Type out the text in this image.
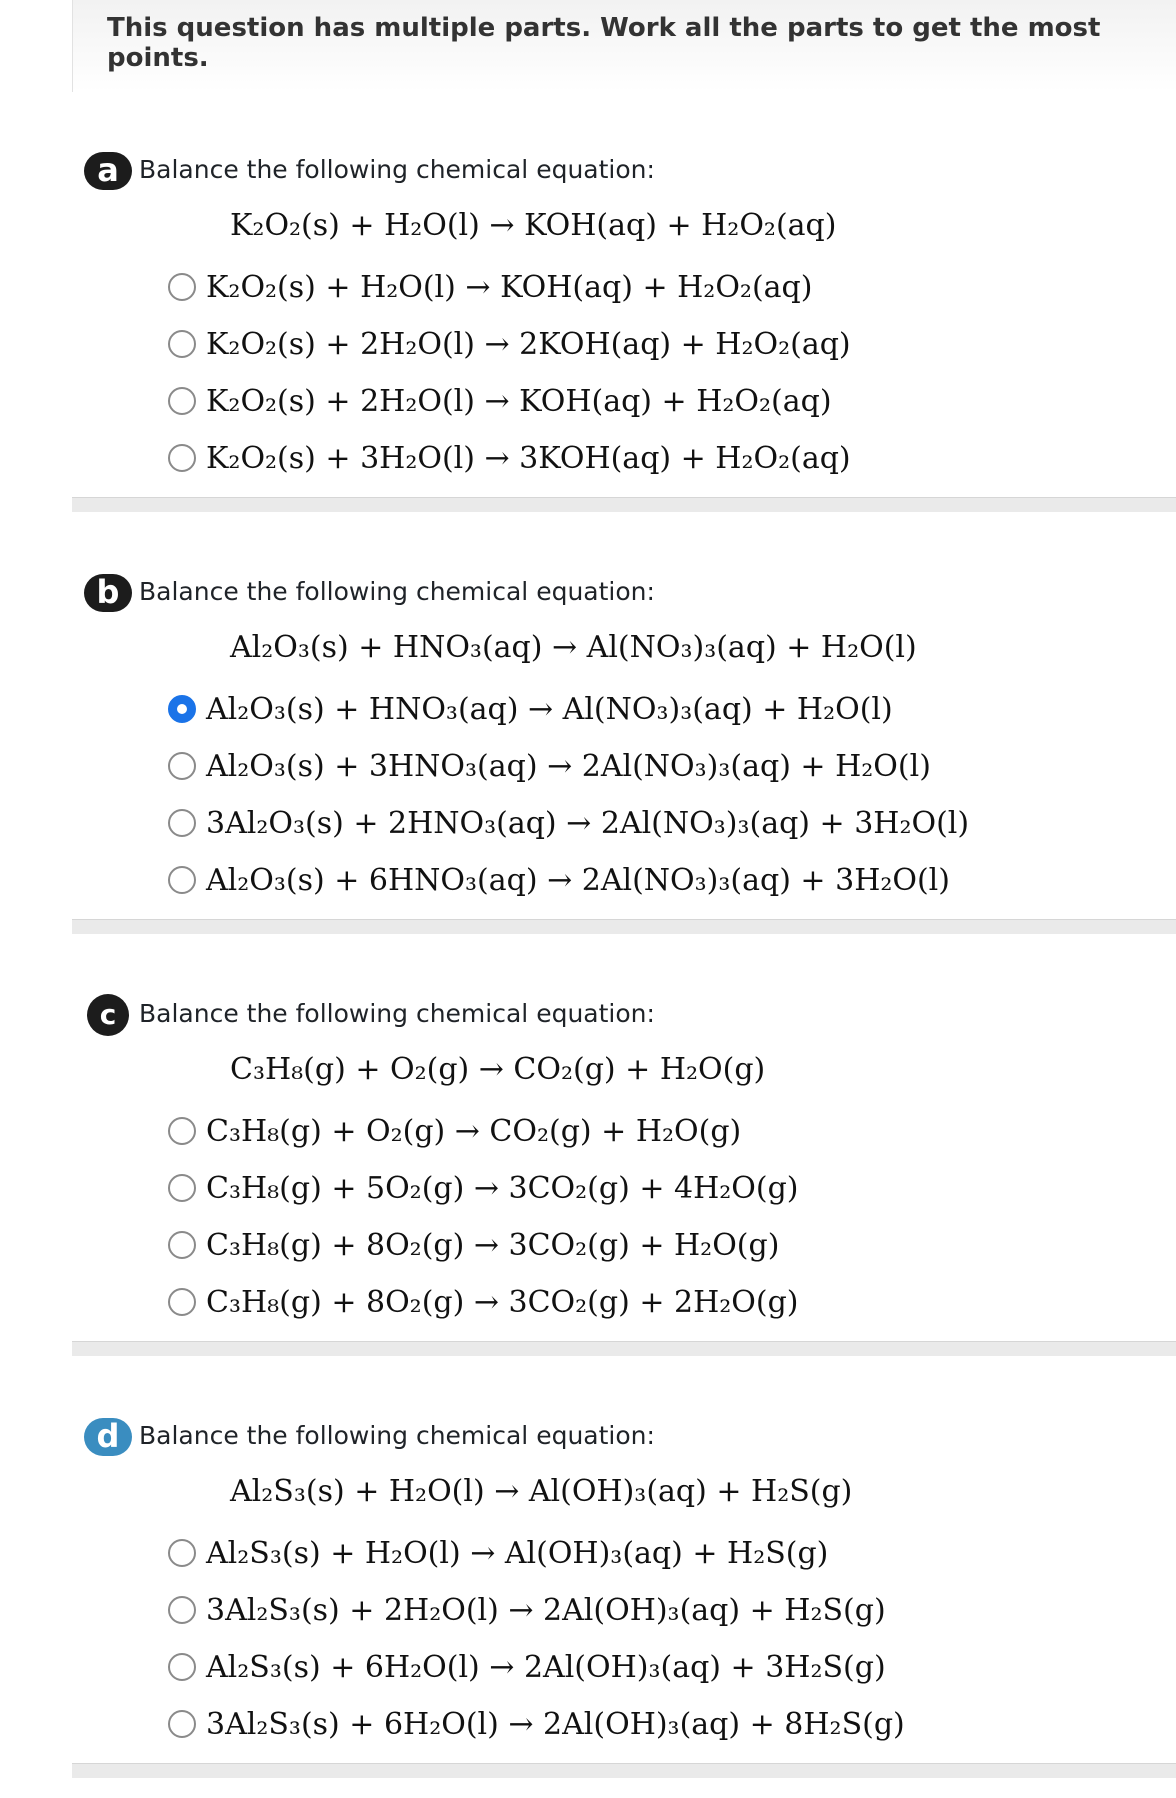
This question has multiple parts. Work all the parts to get the most points.
a Balance the following chemical equation:
K₂O₂(s) + H₂O(l) → KOH(aq) + H₂O₂(aq)
K₂O₂(s) + H₂O(l) → KOH(aq) + H₂O₂(aq)
K₂O₂(s) + 2H₂O(l) → 2KOH(aq) + H₂O₂(aq)
K₂O₂(s) + 2H₂O(l) → KOH(aq) + H₂O₂(aq)
K₂O₂(s) + 3H₂O(l) → 3KOH(aq) + H₂O₂(aq)
b Balance the following chemical equation:
Al₂O₃(s) + HNO₃(aq) → Al(NO₃)₃(aq) + H₂O(l)
Al₂O₃(s) + HNO₃(aq) → Al(NO₃)₃(aq) + H₂O(l)
Al₂O₃(s) + 3HNO₃(aq) → 2Al(NO₃)₃(aq) + H₂O(l)
3Al₂O₃(s) + 2HNO₃(aq) → 2Al(NO₃)₃(aq) + 3H₂O(l)
Al₂O₃(s) + 6HNO₃(aq) → 2Al(NO₃)₃(aq) + 3H₂O(l)
c Balance the following chemical equation:
C₃H₈(g) + O₂(g) → CO₂(g) + H₂O(g)
C₃H₈(g) + O₂(g) → CO₂(g) + H₂O(g)
C₃H₈(g) + 5O₂(g) → 3CO₂(g) + 4H₂O(g)
C₃H₈(g) + 8O₂(g) → 3CO₂(g) + H₂O(g)
C₃H₈(g) + 8O₂(g) → 3CO₂(g) + 2H₂O(g)
d Balance the following chemical equation:
Al₂S₃(s) + H₂O(l) → Al(OH)₃(aq) + H₂S(g)
Al₂S₃(s) + H₂O(l) → Al(OH)₃(aq) + H₂S(g)
3Al₂S₃(s) + 2H₂O(l) → 2Al(OH)₃(aq) + H₂S(g)
Al₂S₃(s) + 6H₂O(l) → 2Al(OH)₃(aq) + 3H₂S(g)
3Al₂S₃(s) + 6H₂O(l) → 2Al(OH)₃(aq) + 8H₂S(g)
